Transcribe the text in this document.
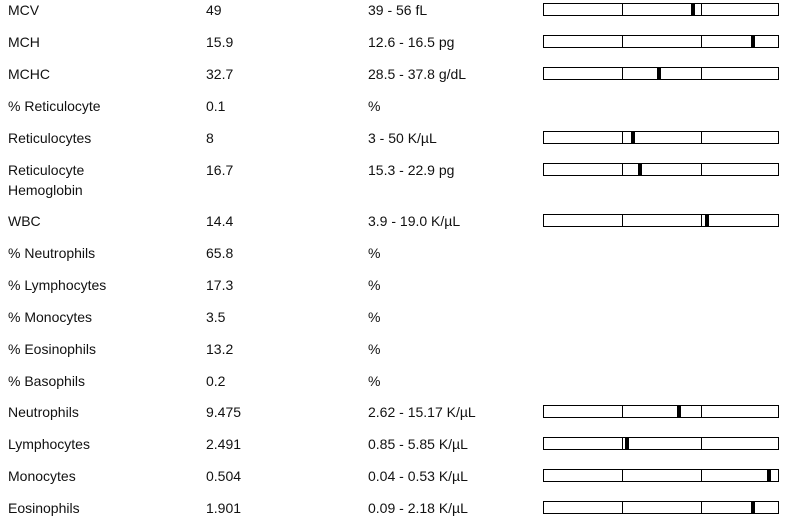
MCV	49	39 - 56 fL
MCH	15.9	12.6 - 16.5 pg
MCHC	32.7	28.5 - 37.8 g/dL
% Reticulocyte	0.1	%
Reticulocytes	8	3 - 50 K/µL
Reticulocyte Hemoglobin
16.7	15.3 - 22.9 pg
WBC	14.4	3.9 - 19.0 K/µL
% Neutrophils	65.8	%
% Lymphocytes	17.3	%
% Monocytes	3.5	%
% Eosinophils	13.2	%
% Basophils	0.2	%
Neutrophils	9.475	2.62 - 15.17 K/µL
Lymphocytes	2.491	0.85 - 5.85 K/µL
Monocytes	0.504	0.04 - 0.53 K/µL
Eosinophils	1.901	0.09 - 2.18 K/µL
